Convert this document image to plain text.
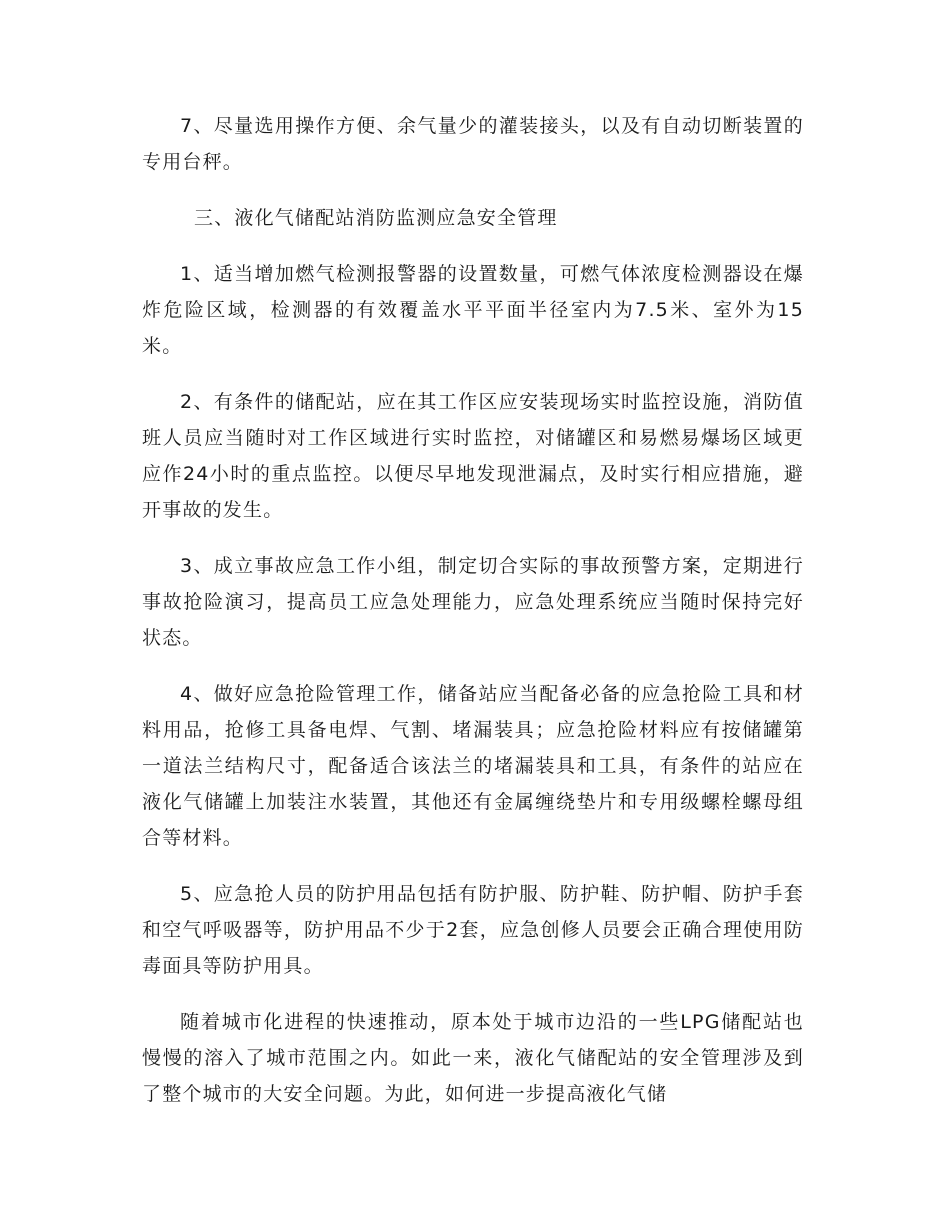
7、尽量选用操作方便、余气量少的灌装接头，以及有自动切断装置的专用台秤。

三、液化气储配站消防监测应急安全管理

1、适当增加燃气检测报警器的设置数量，可燃气体浓度检测器设在爆炸危险区域，检测器的有效覆盖水平平面半径室内为7.5米、室外为15米。

2、有条件的储配站，应在其工作区应安装现场实时监控设施，消防值班人员应当随时对工作区域进行实时监控，对储罐区和易燃易爆场区域更应作24小时的重点监控。以便尽早地发现泄漏点，及时实行相应措施，避开事故的发生。

3、成立事故应急工作小组，制定切合实际的事故预警方案，定期进行事故抢险演习，提高员工应急处理能力，应急处理系统应当随时保持完好状态。

4、做好应急抢险管理工作，储备站应当配备必备的应急抢险工具和材料用品，抢修工具备电焊、气割、堵漏装具；应急抢险材料应有按储罐第一道法兰结构尺寸，配备适合该法兰的堵漏装具和工具，有条件的站应在液化气储罐上加装注水装置，其他还有金属缠绕垫片和专用级螺栓螺母组合等材料。

5、应急抢人员的防护用品包括有防护服、防护鞋、防护帽、防护手套和空气呼吸器等，防护用品不少于2套，应急创修人员要会正确合理使用防毒面具等防护用具。

随着城市化进程的快速推动，原本处于城市边沿的一些LPG储配站也慢慢的溶入了城市范围之内。如此一来，液化气储配站的安全管理涉及到了整个城市的大安全问题。为此，如何进一步提高液化气储
